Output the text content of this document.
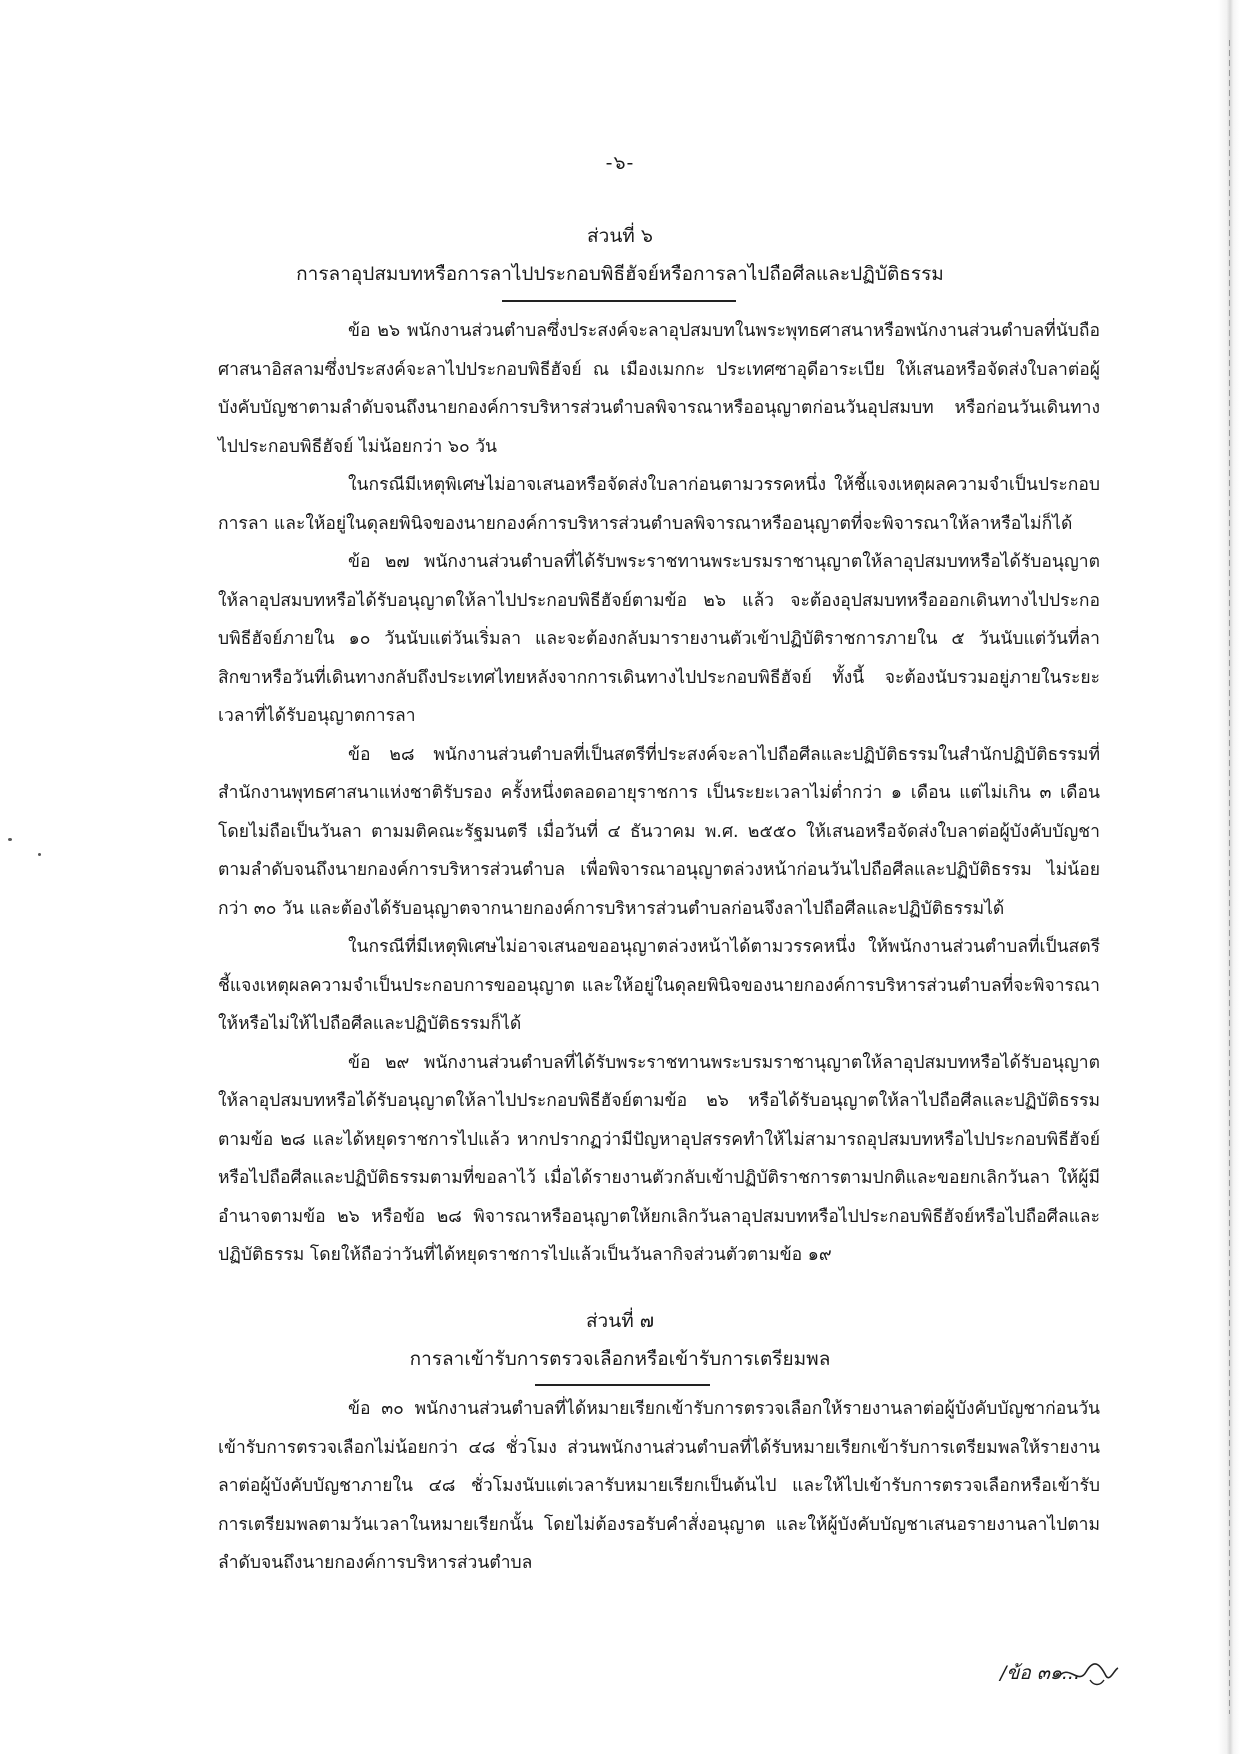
-๖-
ส่วนที่ ๖
การลาอุปสมบทหรือการลาไปประกอบพิธีฮัจย์หรือการลาไปถือศีลและปฏิบัติธรรม

ข้อ ๒๖ พนักงานส่วนตำบลซึ่งประสงค์จะลาอุปสมบทในพระพุทธศาสนาหรือพนักงานส่วนตำบลที่นับถือศาสนาอิสลามซึ่งประสงค์จะลาไปประกอบพิธีฮัจย์ ณ เมืองเมกกะ ประเทศซาอุดีอาระเบีย ให้เสนอหรือจัดส่งใบลาต่อผู้บังคับบัญชาตามลำดับจนถึงนายกองค์การบริหารส่วนตำบลพิจารณาหรืออนุญาตก่อนวันอุปสมบท หรือก่อนวันเดินทางไปประกอบพิธีฮัจย์ ไม่น้อยกว่า ๖๐ วัน

ในกรณีมีเหตุพิเศษไม่อาจเสนอหรือจัดส่งใบลาก่อนตามวรรคหนึ่ง ให้ชี้แจงเหตุผลความจำเป็นประกอบการลา และให้อยู่ในดุลยพินิจของนายกองค์การบริหารส่วนตำบลพิจารณาหรืออนุญาตที่จะพิจารณาให้ลาหรือไม่ก็ได้

ข้อ ๒๗ พนักงานส่วนตำบลที่ได้รับพระราชทานพระบรมราชานุญาตให้ลาอุปสมบทหรือได้รับอนุญาตให้ลาอุปสมบทหรือได้รับอนุญาตให้ลาไปประกอบพิธีฮัจย์ตามข้อ ๒๖ แล้ว จะต้องอุปสมบทหรือออกเดินทางไปประกอบพิธีฮัจย์ภายใน ๑๐ วันนับแต่วันเริ่มลา และจะต้องกลับมารายงานตัวเข้าปฏิบัติราชการภายใน ๕ วันนับแต่วันที่ลาสิกขาหรือวันที่เดินทางกลับถึงประเทศไทยหลังจากการเดินทางไปประกอบพิธีฮัจย์ ทั้งนี้ จะต้องนับรวมอยู่ภายในระยะเวลาที่ได้รับอนุญาตการลา

ข้อ ๒๘ พนักงานส่วนตำบลที่เป็นสตรีที่ประสงค์จะลาไปถือศีลและปฏิบัติธรรมในสำนักปฏิบัติธรรมที่สำนักงานพุทธศาสนาแห่งชาติรับรอง ครั้งหนึ่งตลอดอายุราชการ เป็นระยะเวลาไม่ต่ำกว่า ๑ เดือน แต่ไม่เกิน ๓ เดือน โดยไม่ถือเป็นวันลา ตามมติคณะรัฐมนตรี เมื่อวันที่ ๔ ธันวาคม พ.ศ. ๒๕๕๐ ให้เสนอหรือจัดส่งใบลาต่อผู้บังคับบัญชาตามลำดับจนถึงนายกองค์การบริหารส่วนตำบล เพื่อพิจารณาอนุญาตล่วงหน้าก่อนวันไปถือศีลและปฏิบัติธรรม ไม่น้อยกว่า ๓๐ วัน และต้องได้รับอนุญาตจากนายกองค์การบริหารส่วนตำบลก่อนจึงลาไปถือศีลและปฏิบัติธรรมได้

ในกรณีที่มีเหตุพิเศษไม่อาจเสนอขออนุญาตล่วงหน้าได้ตามวรรคหนึ่ง ให้พนักงานส่วนตำบลที่เป็นสตรีชี้แจงเหตุผลความจำเป็นประกอบการขออนุญาต และให้อยู่ในดุลยพินิจของนายกองค์การบริหารส่วนตำบลที่จะพิจารณาให้หรือไม่ให้ไปถือศีลและปฏิบัติธรรมก็ได้

ข้อ ๒๙ พนักงานส่วนตำบลที่ได้รับพระราชทานพระบรมราชานุญาตให้ลาอุปสมบทหรือได้รับอนุญาตให้ลาอุปสมบทหรือได้รับอนุญาตให้ลาไปประกอบพิธีฮัจย์ตามข้อ ๒๖ หรือได้รับอนุญาตให้ลาไปถือศีลและปฏิบัติธรรม ตามข้อ ๒๘ และได้หยุดราชการไปแล้ว หากปรากฏว่ามีปัญหาอุปสรรคทำให้ไม่สามารถอุปสมบทหรือไปประกอบพิธีฮัจย์หรือไปถือศีลและปฏิบัติธรรมตามที่ขอลาไว้ เมื่อได้รายงานตัวกลับเข้าปฏิบัติราชการตามปกติและขอยกเลิกวันลา ให้ผู้มีอำนาจตามข้อ ๒๖ หรือข้อ ๒๘ พิจารณาหรืออนุญาตให้ยกเลิกวันลาอุปสมบทหรือไปประกอบพิธีฮัจย์หรือไปถือศีลและปฏิบัติธรรม โดยให้ถือว่าวันที่ได้หยุดราชการไปแล้วเป็นวันลากิจส่วนตัวตามข้อ ๑๙

ส่วนที่ ๗
การลาเข้ารับการตรวจเลือกหรือเข้ารับการเตรียมพล

ข้อ ๓๐ พนักงานส่วนตำบลที่ได้หมายเรียกเข้ารับการตรวจเลือกให้รายงานลาต่อผู้บังคับบัญชาก่อนวันเข้ารับการตรวจเลือกไม่น้อยกว่า ๔๘ ชั่วโมง ส่วนพนักงานส่วนตำบลที่ได้รับหมายเรียกเข้ารับการเตรียมพลให้รายงานลาต่อผู้บังคับบัญชาภายใน ๔๘ ชั่วโมงนับแต่เวลารับหมายเรียกเป็นต้นไป และให้ไปเข้ารับการตรวจเลือกหรือเข้ารับการเตรียมพลตามวันเวลาในหมายเรียกนั้น โดยไม่ต้องรอรับคำสั่งอนุญาต และให้ผู้บังคับบัญชาเสนอรายงานลาไปตามลำดับจนถึงนายกองค์การบริหารส่วนตำบล

/ข้อ ๓๑...
